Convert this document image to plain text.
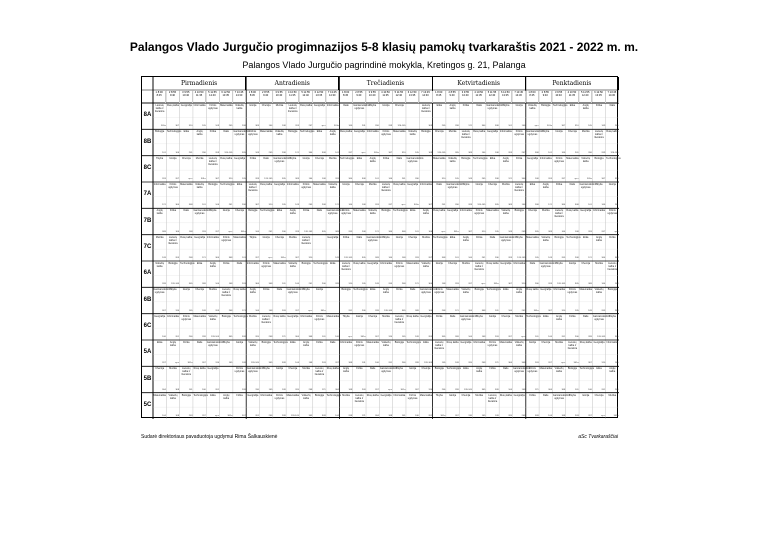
Palangos Vlado Jurgučio progimnazijos 5-8 klasių pamokų tvarkaraštis 2021 - 2022 m. m.
Palangos Vlado Jurgučio pagrindinė mokykla, Kretingos g. 21, Palanga
Pirmadienis
1 8:00 8:45
2 8:55 9:40
3 9:55 10:40
4 10:50 11:35
5 11:55 12:40
6 12:50 13:35
7 13:45 14:30
Antradienis
1 8:00 8:45
2 8:55 9:40
3 9:55 10:40
4 10:50 11:35
5 11:55 12:40
6 12:50 13:35
7 13:45 14:30
Trečiadienis
1 8:00 8:45
2 8:55 9:40
3 9:55 10:40
4 10:50 11:35
5 11:55 12:40
6 12:50 13:35
7 13:45 14:30
Ketvirtadienis
1 8:00 8:45
2 8:55 9:40
3 9:55 10:40
4 10:50 11:35
5 11:55 12:40
6 12:50 13:35
7 13:45 14:30
Penktadienis
1 8:00 8:45
2 8:55 9:40
3 9:55 10:40
4 10:50 11:35
5 11:55 12:40
6 12:50 13:35
7 13:45 14:30
8A
Lietuvių kalba ir literatūra
301a
Rusų kalba
307
Geografija
310
Informatika
105
Fizinis ugdymas
109
Matematika
205
Vokiečių kalba
208
Istorija
309
Chemija
104
Muzika
108
Lietuvių kalba ir literatūra
203
Rusų kalba
207
Geografija
sp.s
Informatika
301a
Dailė
106
Gamtamokslinis ugdymas
201
Tikyba
206
Istorija
209
Chemija
126-105
Lietuvių kalba ir literatūra
309
Etika
205
Anglų kalba
208
Fizika
121
Dailė
304
Gamtamokslinis ugdymas
308
Tikyba
101
Istorija
106
Vokiečių kalba
sp.s
Biologija
301a
Technologijos
307
Etika
310
Anglų kalba
105
Fizika
109
Dailė
205
8B
Biologija
101
Technologijos
106
Etika
201
Anglų kalba
206
Fizika
209
Dailė
126-105
Gamtamokslinis ugdymas
305
Fizinis ugdymas
109
Matematika
205
Vokiečių kalba
208
Biologija
121
Technologijos
304
Etika
308
Anglų kalba
101
Rusų kalba
207
Geografija
sp.s
Informatika
301a
Fizinis ugdymas
307
Matematika
310
Vokiečių kalba
105
Biologija
109
Chemija
126-105
Muzika
305
Lietuvių kalba ir literatūra
309
Rusų kalba
104
Geografija
108
Informatika
203
Fizinis ugdymas
207
Gamtamokslinis ugdymas
308
Tikyba
101
Istorija
106
Chemija
201
Muzika
206
Lietuvių kalba ir literatūra
209
Rusų kalba
126-105
8C
Tikyba
203
Istorija
207
Chemija
sp.s
Muzika
301a
Lietuvių kalba ir literatūra
307
Rusų kalba
310
Geografija
105
Fizika
209
Dailė
126-105
Gamtamokslinis ugdymas
305
Tikyba
309
Istorija
104
Chemija
108
Muzika
203
Technologijos
304
Etika
308
Anglų kalba
101
Fizika
106
Dailė
201
Gamtamokslinis ugdymas
206
Matematika
310
Vokiečių kalba
105
Biologija
109
Technologijos
205
Etika
208
Anglų kalba
121
Fizika
304
Geografija
108
Informatika
203
Fizinis ugdymas
207
Matematika
sp.s
Vokiečių kalba
301a
Biologija
307
Technologijos
310
7A
Informatika
121
Fizinis ugdymas
304
Matematika
308
Vokiečių kalba
101
Biologija
106
Technologijos
201
Etika
206
Lietuvių kalba ir literatūra
307
Rusų kalba
310
Geografija
105
Informatika
109
Fizinis ugdymas
205
Matematika
208
Vokiečių kalba
121
Istorija
104
Chemija
108
Muzika
203
Lietuvių kalba ir literatūra
207
Rusų kalba
sp.s
Geografija
301a
Informatika
307
Dailė
201
Gamtamokslinis ugdymas
206
Tikyba
209
Istorija
126-105
Chemija
305
Muzika
309
Lietuvių kalba ir literatūra
104
Etika
208
Anglų kalba
121
Fizika
304
Dailė
308
Gamtamokslinis ugdymas
101
Tikyba
106
Istorija
201
7B
Anglų kalba
309
Fizika
104
Dailė
108
Gamtamokslinis ugdymas
203
Tikyba
207
Istorija
sp.s
Chemija
301a
Biologija
106
Technologijos
201
Etika
206
Anglų kalba
209
Fizika
126-105
Dailė
305
Gamtamokslinis ugdymas
309
Fizinis ugdymas
205
Matematika
208
Vokiečių kalba
121
Biologija
304
Technologijos
308
Etika
101
Anglų kalba
106
Rusų kalba
sp.s
Geografija
301a
Informatika
307
Fizinis ugdymas
310
Matematika
105
Vokiečių kalba
109
Biologija
205
Chemija
305
Muzika
309
Lietuvių kalba ir literatūra
104
Rusų kalba
108
Geografija
203
Informatika
207
Fizinis ugdymas
sp.s
7C
Muzika
109
Lietuvių kalba ir literatūra
205
Rusų kalba
208
Geografija
121
Informatika
304
Fizinis ugdymas
308
Matematika
101
Tikyba
207
Istorija
sp.s
Chemija
301a
Muzika
307
Lietuvių kalba ir literatūra
310
Geografija
109
Fizika
126-105
Dailė
305
Gamtamokslinis ugdymas
309
Tikyba
104
Istorija
108
Chemija
203
Muzika
207
Technologijos
308
Etika
101
Anglų kalba
106
Fizika
201
Dailė
206
Gamtamokslinis ugdymas
209
Tikyba
126-105
Matematika
105
Vokiečių kalba
109
Biologija
205
Technologijos
208
Etika
121
Anglų kalba
304
Fizika
308
6A
Vokiečių kalba
209
Biologija
126-105
Technologijos
305
Etika
309
Anglų kalba
104
Fizika
108
Dailė
203
Informatika
304
Fizinis ugdymas
308
Matematika
101
Vokiečių kalba
106
Biologija
201
Technologijos
206
Etika
209
Lietuvių kalba ir literatūra
310
Rusų kalba
105
Geografija
109
Informatika
205
Fizinis ugdymas
208
Matematika
121
Vokiečių kalba
304
Istorija
108
Chemija
203
Muzika
207
Lietuvių kalba ir literatūra
sp.s
Rusų kalba
301a
Geografija
307
Informatika
310
Dailė
206
Gamtamokslinis ugdymas
209
Tikyba
126-105
Istorija
305
Chemija
309
Muzika
104
Lietuvių kalba ir literatūra
108
6B
Gamtamokslinis ugdymas
307
Tikyba
310
Istorija
105
Chemija
109
Muzika
205
Lietuvių kalba ir literatūra
208
Rusų kalba
121
Anglų kalba
104
Fizika
108
Dailė
203
Gamtamokslinis ugdymas
207
Tikyba
sp.s
Istorija
301a
Biologija
201
Technologijos
206
Etika
209
Anglų kalba
126-105
Fizika
305
Dailė
309
Gamtamokslinis ugdymas
104
Fizinis ugdymas
208
Matematika
121
Vokiečių kalba
304
Biologija
308
Technologijos
101
Etika
106
Anglų kalba
201
Rusų kalba
301a
Geografija
307
Informatika
310
Fizinis ugdymas
105
Matematika
109
Vokiečių kalba
205
Biologija
208
6C
Geografija
106
Informatika
201
Fizinis ugdymas
206
Matematika
209
Vokiečių kalba
126-105
Biologija
305
Technologijos
309
Muzika
205
Lietuvių kalba ir literatūra
208
Rusų kalba
121
Geografija
304
Informatika
308
Fizinis ugdymas
101
Matematika
106
Tikyba
sp.s
Istorija
301a
Chemija
307
Muzika
310
Lietuvių kalba ir literatūra
105
Rusų kalba
109
Geografija
205
Fizika
305
Dailė
309
Gamtamokslinis ugdymas
104
Tikyba
108
Istorija
203
Chemija
207
Muzika
sp.s
Technologijos
101
Etika
106
Anglų kalba
201
Fizika
206
Dailė
209
Gamtamokslinis ugdymas
126-105
Tikyba
305
5A
Etika
207
Anglų kalba
sp.s
Fizika
301a
Dailė
307
Gamtamokslinis ugdymas
310
Tikyba
105
Istorija
109
Vokiečių kalba
126-105
Biologija
305
Technologijos
309
Etika
104
Anglų kalba
108
Fizika
203
Dailė
207
Informatika
308
Fizinis ugdymas
101
Matematika
106
Vokiečių kalba
201
Biologija
206
Technologijos
209
Etika
126-105
Lietuvių kalba ir literatūra
105
Rusų kalba
109
Geografija
205
Informatika
208
Fizinis ugdymas
121
Matematika
304
Vokiečių kalba
308
Istorija
203
Chemija
207
Muzika
sp.s
Lietuvių kalba ir literatūra
301a
Rusų kalba
307
Geografija
310
Informatika
105
5B
Chemija
304
Muzika
308
Lietuvių kalba ir literatūra
101
Rusų kalba
106
Geografija
201
Fizinis ugdymas
209
Gamtamokslinis ugdymas
310
Tikyba
105
Istorija
109
Chemija
205
Muzika
208
Lietuvių kalba ir literatūra
121
Rusų kalba
304
Anglų kalba
108
Fizika
203
Dailė
207
Gamtamokslinis ugdymas
sp.s
Tikyba
301a
Istorija
307
Chemija
310
Biologija
206
Technologijos
209
Etika
126-105
Anglų kalba
305
Fizika
309
Dailė
104
Gamtamokslinis ugdymas
108
Fizinis ugdymas
121
Matematika
304
Vokiečių kalba
308
Biologija
101
Technologijos
106
Etika
201
Anglų kalba
206
5C
Matematika
104
Vokiečių kalba
108
Biologija
203
Technologijos
207
Etika
sp.s
Anglų kalba
301a
Fizika
307
Geografija
201
Informatika
206
Fizinis ugdymas
209
Matematika
126-105
Vokiečių kalba
305
Biologija
309
Technologijos
104
Muzika
208
Lietuvių kalba ir literatūra
121
Rusų kalba
304
Geografija
308
Informatika
101
Fizinis ugdymas
106
Matematika
201
Tikyba
301a
Istorija
307
Chemija
310
Muzika
105
Lietuvių kalba ir literatūra
109
Rusų kalba
205
Geografija
208
Fizika
309
Dailė
104
Gamtamokslinis ugdymas
108
Tikyba
203
Istorija
207
Chemija
sp.s
Muzika
301a
Sudarė direktoriaus pavaduotoja ugdymui Rima Šalkauskienė	aSc Tvarkaraščiai
